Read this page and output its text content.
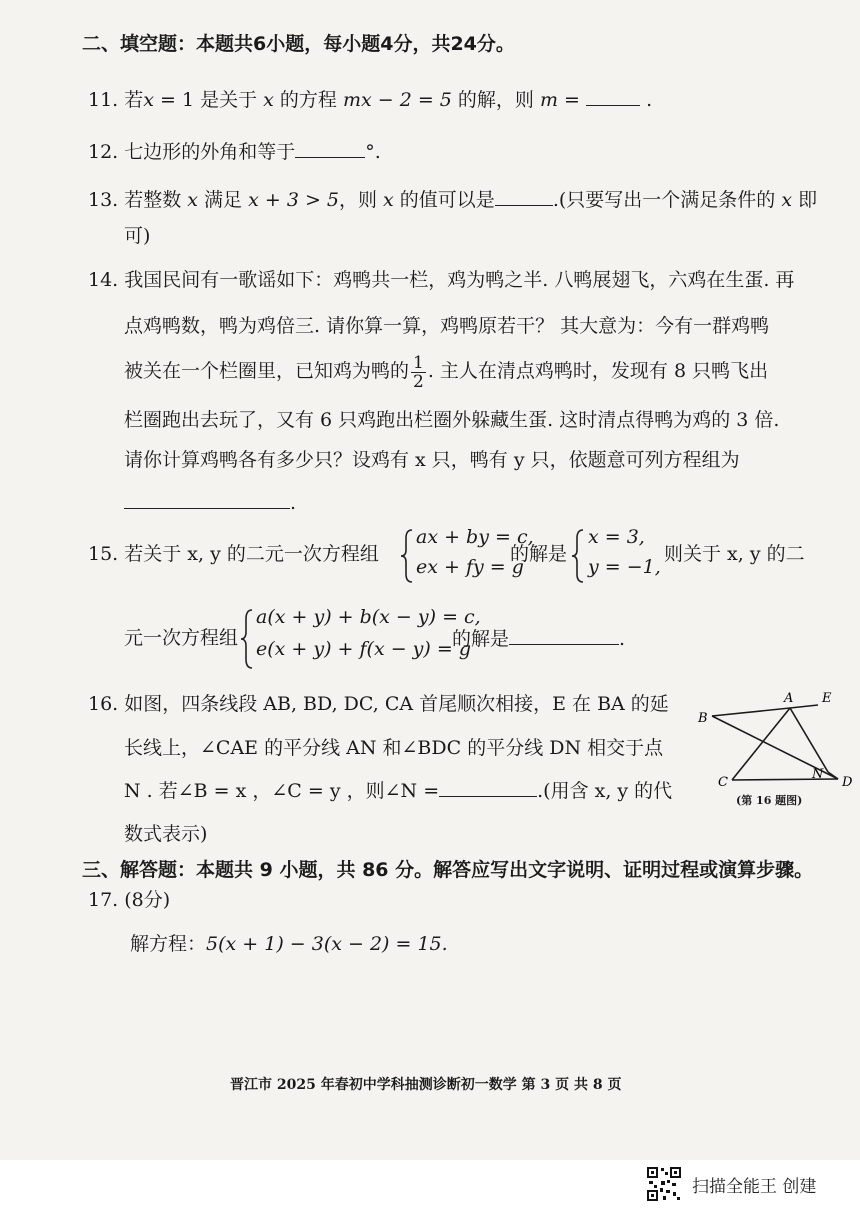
二、填空题：本题共6小题，每小题4分，共24分。
11. 若x = 1 是关于 x 的方程 mx − 2 = 5 的解，则 m =	.
12. 七边形的外角和等于	°.
13. 若整数 x 满足 x + 3 > 5，则 x 的值可以是	.(只要写出一个满足条件的 x 即
可)
14. 我国民间有一歌谣如下：鸡鸭共一栏，鸡为鸭之半. 八鸭展翅飞，六鸡在生蛋. 再
点鸡鸭数，鸭为鸡倍三. 请你算一算，鸡鸭原若干？ 其大意为：今有一群鸡鸭
被关在一个栏圈里，已知鸡为鸭的 $\frac{1}{2}$ . 主人在清点鸡鸭时，发现有 8 只鸭飞出
栏圈跑出去玩了，又有 6 只鸡跑出栏圈外躲藏生蛋. 这时清点得鸭为鸡的 3 倍.
请你计算鸡鸭各有多少只？设鸡有 x 只，鸭有 y 只，依题意可列方程组为
.
15. 若关于 x, y 的二元一次方程组
ax + by = c,
ex + fy = g
的解是
x = 3,
y = −1,
则关于 x, y 的二
元一次方程组
a(x + y) + b(x − y) = c,
e(x + y) + f(x − y) = g
的解是	.
16. 如图，四条线段 AB, BD, DC, CA 首尾顺次相接，E 在 BA 的延
长线上，∠CAE 的平分线 AN 和∠BDC 的平分线 DN 相交于点
N . 若∠B = x ，∠C = y ，则∠N =	.(用含 x, y 的代
数式表示)
A
B
C	D
E
N
(第 16 题图)
三、解答题：本题共 9 小题，共 86 分。解答应写出文字说明、证明过程或演算步骤。
17. (8分)
解方程：5(x + 1) − 3(x − 2) = 15.
晋江市 2025 年春初中学科抽测诊断初一数学 第 3 页 共 8 页
扫描全能王 创建
